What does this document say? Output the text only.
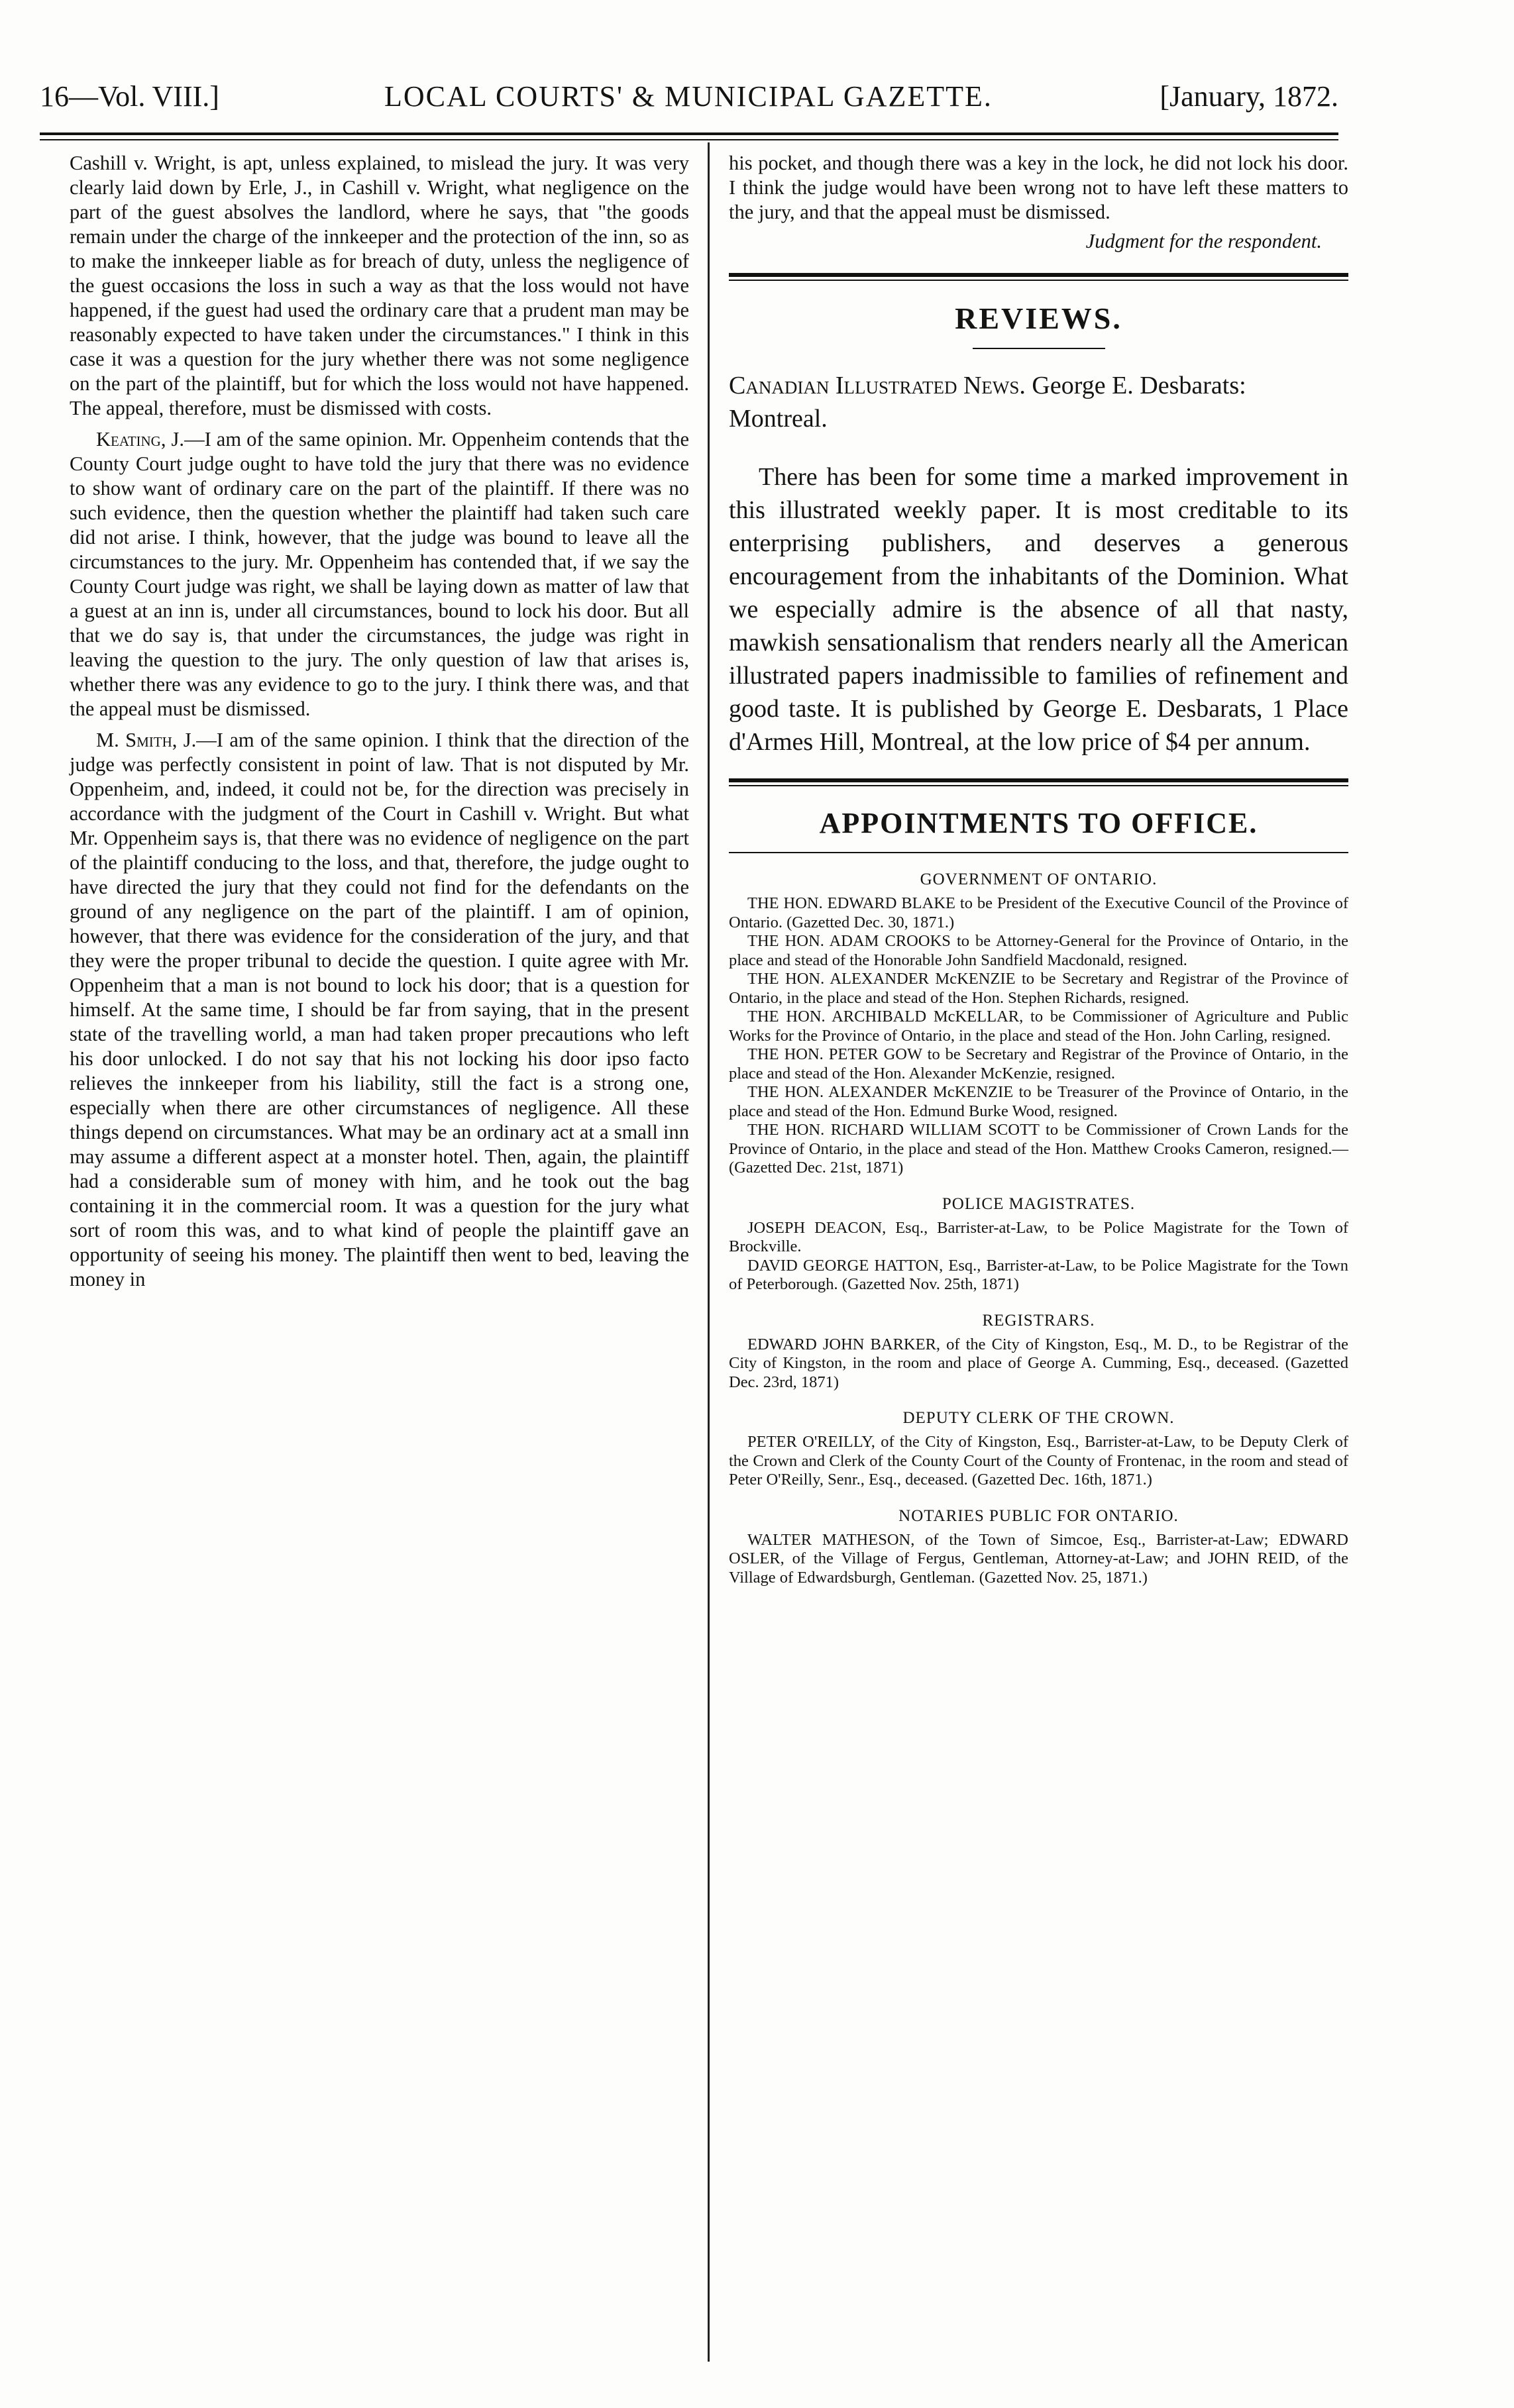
16—Vol. VIII.]	LOCAL COURTS' & MUNICIPAL GAZETTE.	[January, 1872.

Cashill v. Wright, is apt, unless explained, to mislead the jury. It was very clearly laid down by Erle, J., in Cashill v. Wright, what negligence on the part of the guest absolves the landlord, where he says, that "the goods remain under the charge of the innkeeper and the protection of the inn, so as to make the innkeeper liable as for breach of duty, unless the negligence of the guest occasions the loss in such a way as that the loss would not have happened, if the guest had used the ordinary care that a prudent man may be reasonably expected to have taken under the circumstances." I think in this case it was a question for the jury whether there was not some negligence on the part of the plaintiff, but for which the loss would not have happened. The appeal, therefore, must be dismissed with costs.

Keating, J.—I am of the same opinion. Mr. Oppenheim contends that the County Court judge ought to have told the jury that there was no evidence to show want of ordinary care on the part of the plaintiff. If there was no such evidence, then the question whether the plaintiff had taken such care did not arise. I think, however, that the judge was bound to leave all the circumstances to the jury. Mr. Oppenheim has contended that, if we say the County Court judge was right, we shall be laying down as matter of law that a guest at an inn is, under all circumstances, bound to lock his door. But all that we do say is, that under the circumstances, the judge was right in leaving the question to the jury. The only question of law that arises is, whether there was any evidence to go to the jury. I think there was, and that the appeal must be dismissed.

M. Smith, J.—I am of the same opinion. I think that the direction of the judge was perfectly consistent in point of law. That is not disputed by Mr. Oppenheim, and, indeed, it could not be, for the direction was precisely in accordance with the judgment of the Court in Cashill v. Wright. But what Mr. Oppenheim says is, that there was no evidence of negligence on the part of the plaintiff conducing to the loss, and that, therefore, the judge ought to have directed the jury that they could not find for the defendants on the ground of any negligence on the part of the plaintiff. I am of opinion, however, that there was evidence for the consideration of the jury, and that they were the proper tribunal to decide the question. I quite agree with Mr. Oppenheim that a man is not bound to lock his door; that is a question for himself. At the same time, I should be far from saying, that in the present state of the travelling world, a man had taken proper precautions who left his door unlocked. I do not say that his not locking his door ipso facto relieves the innkeeper from his liability, still the fact is a strong one, especially when there are other circumstances of negligence. All these things depend on circumstances. What may be an ordinary act at a small inn may assume a different aspect at a monster hotel. Then, again, the plaintiff had a considerable sum of money with him, and he took out the bag containing it in the commercial room. It was a question for the jury what sort of room this was, and to what kind of people the plaintiff gave an opportunity of seeing his money. The plaintiff then went to bed, leaving the money in

his pocket, and though there was a key in the lock, he did not lock his door. I think the judge would have been wrong not to have left these matters to the jury, and that the appeal must be dismissed.

Judgment for the respondent.

REVIEWS.

Canadian Illustrated News. George E. Desbarats: Montreal.

There has been for some time a marked improvement in this illustrated weekly paper. It is most creditable to its enterprising publishers, and deserves a generous encouragement from the inhabitants of the Dominion. What we especially admire is the absence of all that nasty, mawkish sensationalism that renders nearly all the American illustrated papers inadmissible to families of refinement and good taste. It is published by George E. Desbarats, 1 Place d'Armes Hill, Montreal, at the low price of $4 per annum.

APPOINTMENTS TO OFFICE.
GOVERNMENT OF ONTARIO.

THE HON. EDWARD BLAKE to be President of the Executive Council of the Province of Ontario. (Gazetted Dec. 30, 1871.)

THE HON. ADAM CROOKS to be Attorney-General for the Province of Ontario, in the place and stead of the Honorable John Sandfield Macdonald, resigned.

THE HON. ALEXANDER McKENZIE to be Secretary and Registrar of the Province of Ontario, in the place and stead of the Hon. Stephen Richards, resigned.

THE HON. ARCHIBALD McKELLAR, to be Commissioner of Agriculture and Public Works for the Province of Ontario, in the place and stead of the Hon. John Carling, resigned.

THE HON. PETER GOW to be Secretary and Registrar of the Province of Ontario, in the place and stead of the Hon. Alexander McKenzie, resigned.

THE HON. ALEXANDER McKENZIE to be Treasurer of the Province of Ontario, in the place and stead of the Hon. Edmund Burke Wood, resigned.

THE HON. RICHARD WILLIAM SCOTT to be Commissioner of Crown Lands for the Province of Ontario, in the place and stead of the Hon. Matthew Crooks Cameron, resigned.—(Gazetted Dec. 21st, 1871)

POLICE MAGISTRATES.

JOSEPH DEACON, Esq., Barrister-at-Law, to be Police Magistrate for the Town of Brockville.

DAVID GEORGE HATTON, Esq., Barrister-at-Law, to be Police Magistrate for the Town of Peterborough. (Gazetted Nov. 25th, 1871)

REGISTRARS.

EDWARD JOHN BARKER, of the City of Kingston, Esq., M. D., to be Registrar of the City of Kingston, in the room and place of George A. Cumming, Esq., deceased. (Gazetted Dec. 23rd, 1871)

DEPUTY CLERK OF THE CROWN.

PETER O'REILLY, of the City of Kingston, Esq., Barrister-at-Law, to be Deputy Clerk of the Crown and Clerk of the County Court of the County of Frontenac, in the room and stead of Peter O'Reilly, Senr., Esq., deceased. (Gazetted Dec. 16th, 1871.)

NOTARIES PUBLIC FOR ONTARIO.

WALTER MATHESON, of the Town of Simcoe, Esq., Barrister-at-Law; EDWARD OSLER, of the Village of Fergus, Gentleman, Attorney-at-Law; and JOHN REID, of the Village of Edwardsburgh, Gentleman. (Gazetted Nov. 25, 1871.)
